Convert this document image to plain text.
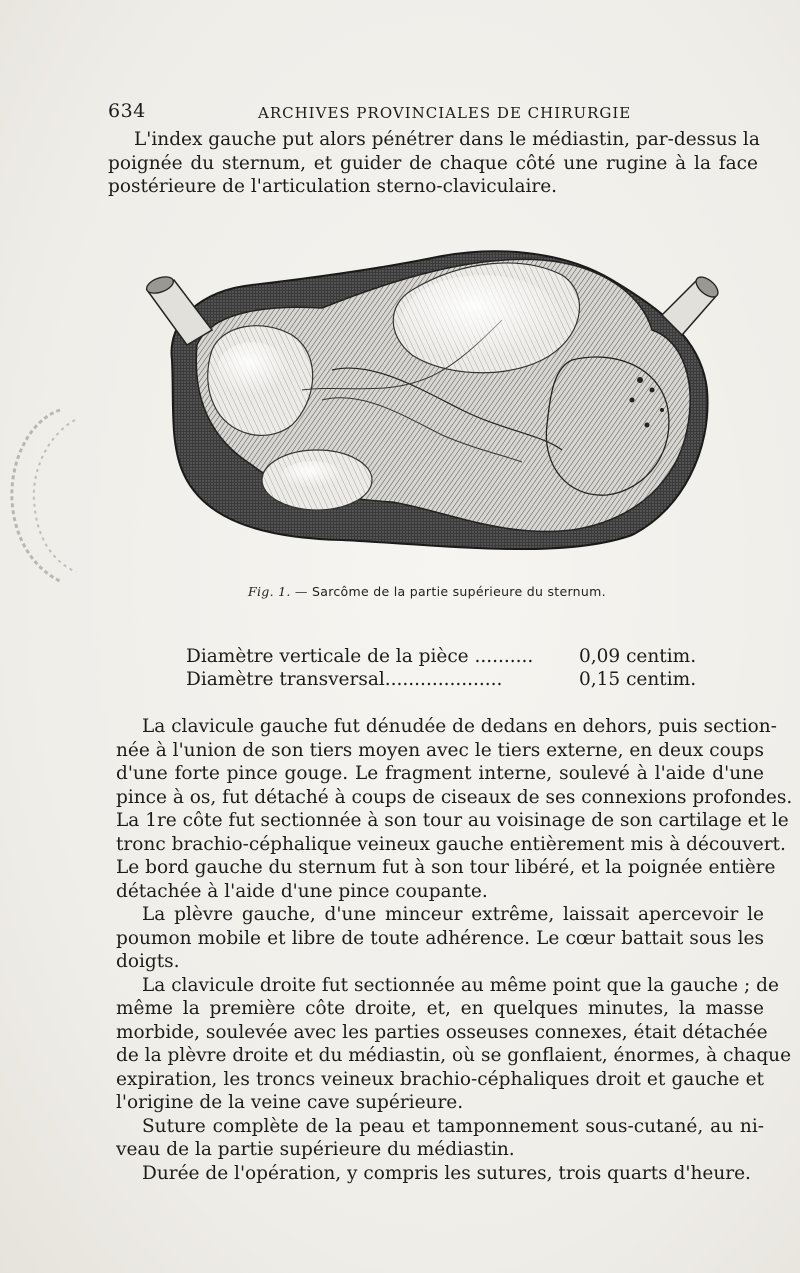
634	ARCHIVES PROVINCIALES DE CHIRURGIE

L'index gauche put alors pénétrer dans le médiastin, par-dessus la
poignée du sternum, et guider de chaque côté une rugine à la face
postérieure de l'articulation sterno-claviculaire.

Fig. 1. — Sarcôme de la partie supérieure du sternum.
Diamètre verticale de la pièce .......... 0,09 centim.
Diamètre transversal....................	0,15 centim.

La clavicule gauche fut dénudée de dedans en dehors, puis section-
née à l'union de son tiers moyen avec le tiers externe, en deux coups
d'une forte pince gouge. Le fragment interne, soulevé à l'aide d'une
pince à os, fut détaché à coups de ciseaux de ses connexions profondes.
La 1re côte fut sectionnée à son tour au voisinage de son cartilage et le
tronc brachio-céphalique veineux gauche entièrement mis à découvert.
Le bord gauche du sternum fut à son tour libéré, et la poignée entière
détachée à l'aide d'une pince coupante.
La plèvre gauche, d'une minceur extrême, laissait apercevoir le
poumon mobile et libre de toute adhérence. Le cœur battait sous les
doigts.
La clavicule droite fut sectionnée au même point que la gauche ; de
même la première côte droite, et, en quelques minutes, la masse
morbide, soulevée avec les parties osseuses connexes, était détachée
de la plèvre droite et du médiastin, où se gonflaient, énormes, à chaque
expiration, les troncs veineux brachio-céphaliques droit et gauche et
l'origine de la veine cave supérieure.
Suture complète de la peau et tamponnement sous-cutané, au ni-
veau de la partie supérieure du médiastin.
Durée de l'opération, y compris les sutures, trois quarts d'heure.
